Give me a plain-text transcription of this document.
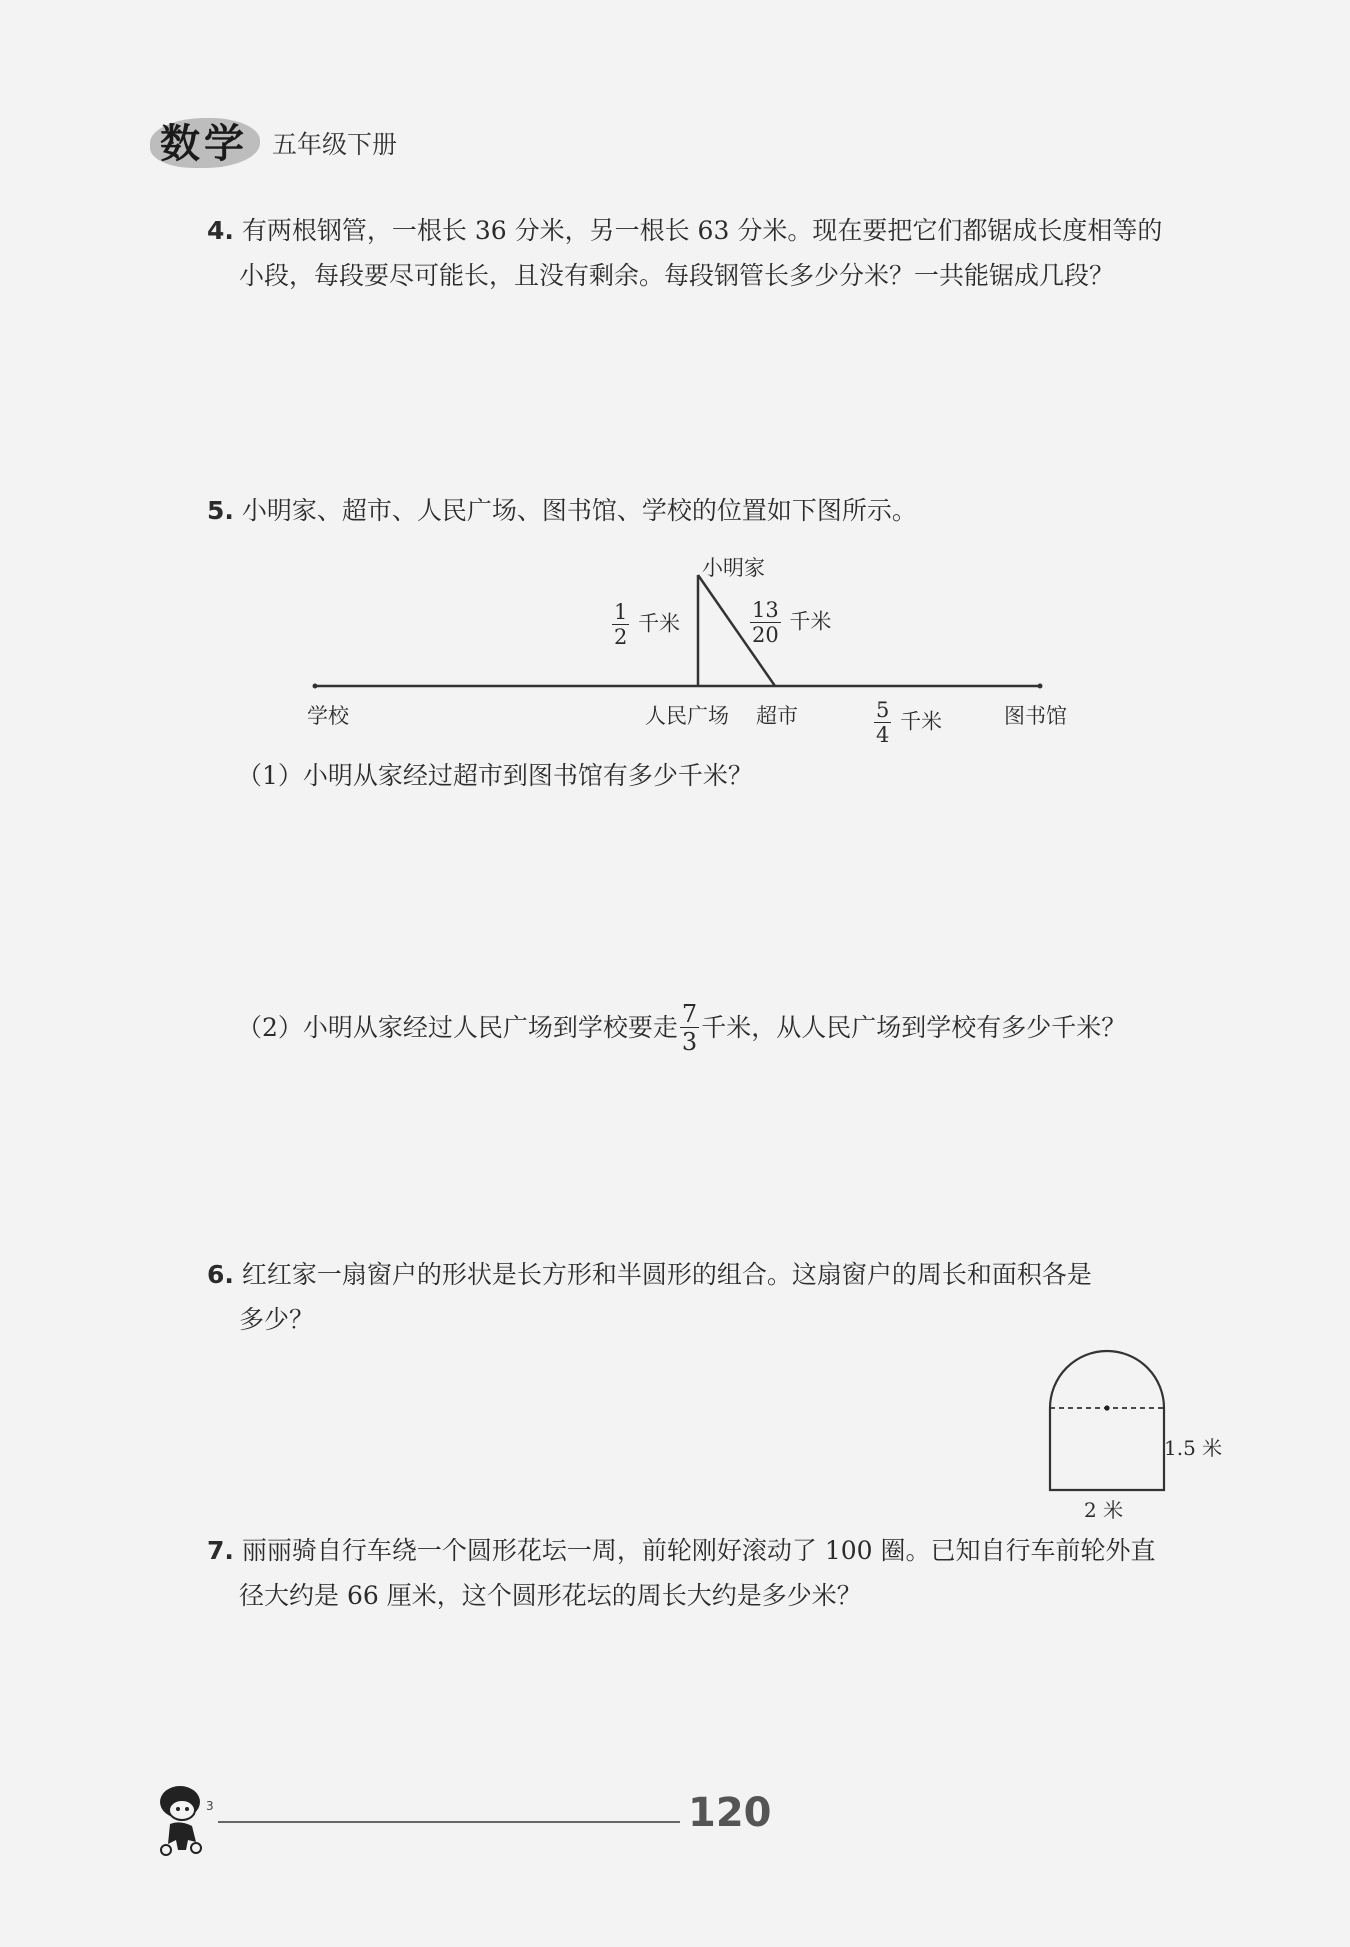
数学 五年级下册
4. 有两根钢管，一根长 36 分米，另一根长 63 分米。现在要把它们都锯成长度相等的
小段，每段要尽可能长，且没有剩余。每段钢管长多少分米？一共能锯成几段？
5. 小明家、超市、人民广场、图书馆、学校的位置如下图所示。
小明家
$\frac{1}{2}$ 千米	$\frac{13}{20}$ 千米
学校	人民广场 超市	$\frac{5}{4}$ 千米	图书馆
（1）小明从家经过超市到图书馆有多少千米？
（2）小明从家经过人民广场到学校要走 $\frac{7}{3}$ 千米，从人民广场到学校有多少千米？
6. 红红家一扇窗户的形状是长方形和半圆形的组合。这扇窗户的周长和面积各是
多少？
1.5 米
2 米
7. 丽丽骑自行车绕一个圆形花坛一周，前轮刚好滚动了 100 圈。已知自行车前轮外直
径大约是 66 厘米，这个圆形花坛的周长大约是多少米？
3	120
